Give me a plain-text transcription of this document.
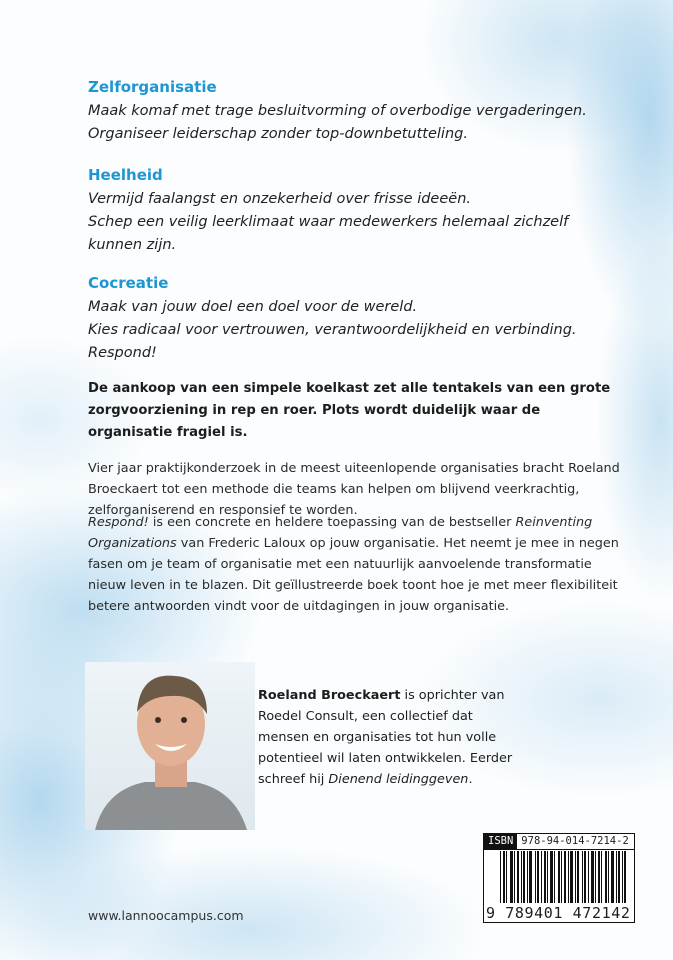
Zelforganisatie
Maak komaf met trage besluitvorming of overbodige vergaderingen.
Organiseer leiderschap zonder top-downbetutteling.
Heelheid
Vermijd faalangst en onzekerheid over frisse ideeën.
Schep een veilig leerklimaat waar medewerkers helemaal zichzelf
kunnen zijn.
Cocreatie
Maak van jouw doel een doel voor de wereld.
Kies radicaal voor vertrouwen, verantwoordelijkheid en verbinding.
Respond!
De aankoop van een simpele koelkast zet alle tentakels van een grote zorgvoorziening in rep en roer. Plots wordt duidelijk waar de organisatie fragiel is.
Vier jaar praktijkonderzoek in de meest uiteenlopende organisaties bracht Roeland Broeckaert tot een methode die teams kan helpen om blijvend veerkrachtig, zelforganiserend en responsief te worden.
Respond! is een concrete en heldere toepassing van de bestseller Reinventing Organizations van Frederic Laloux op jouw organisatie. Het neemt je mee in negen fasen om je team of organisatie met een natuurlijk aanvoelende transformatie nieuw leven in te blazen. Dit geïllustreerde boek toont hoe je met meer flexibiliteit betere antwoorden vindt voor de uitdagingen in jouw organisatie.
Roeland Broeckaert is oprichter van Roedel Consult, een collectief dat mensen en organisaties tot hun volle potentieel wil laten ontwikkelen. Eerder schreef hij Dienend leidinggeven.
ISBN 978-94-014-7214-2
9 789401 472142
www.lannoocampus.com
